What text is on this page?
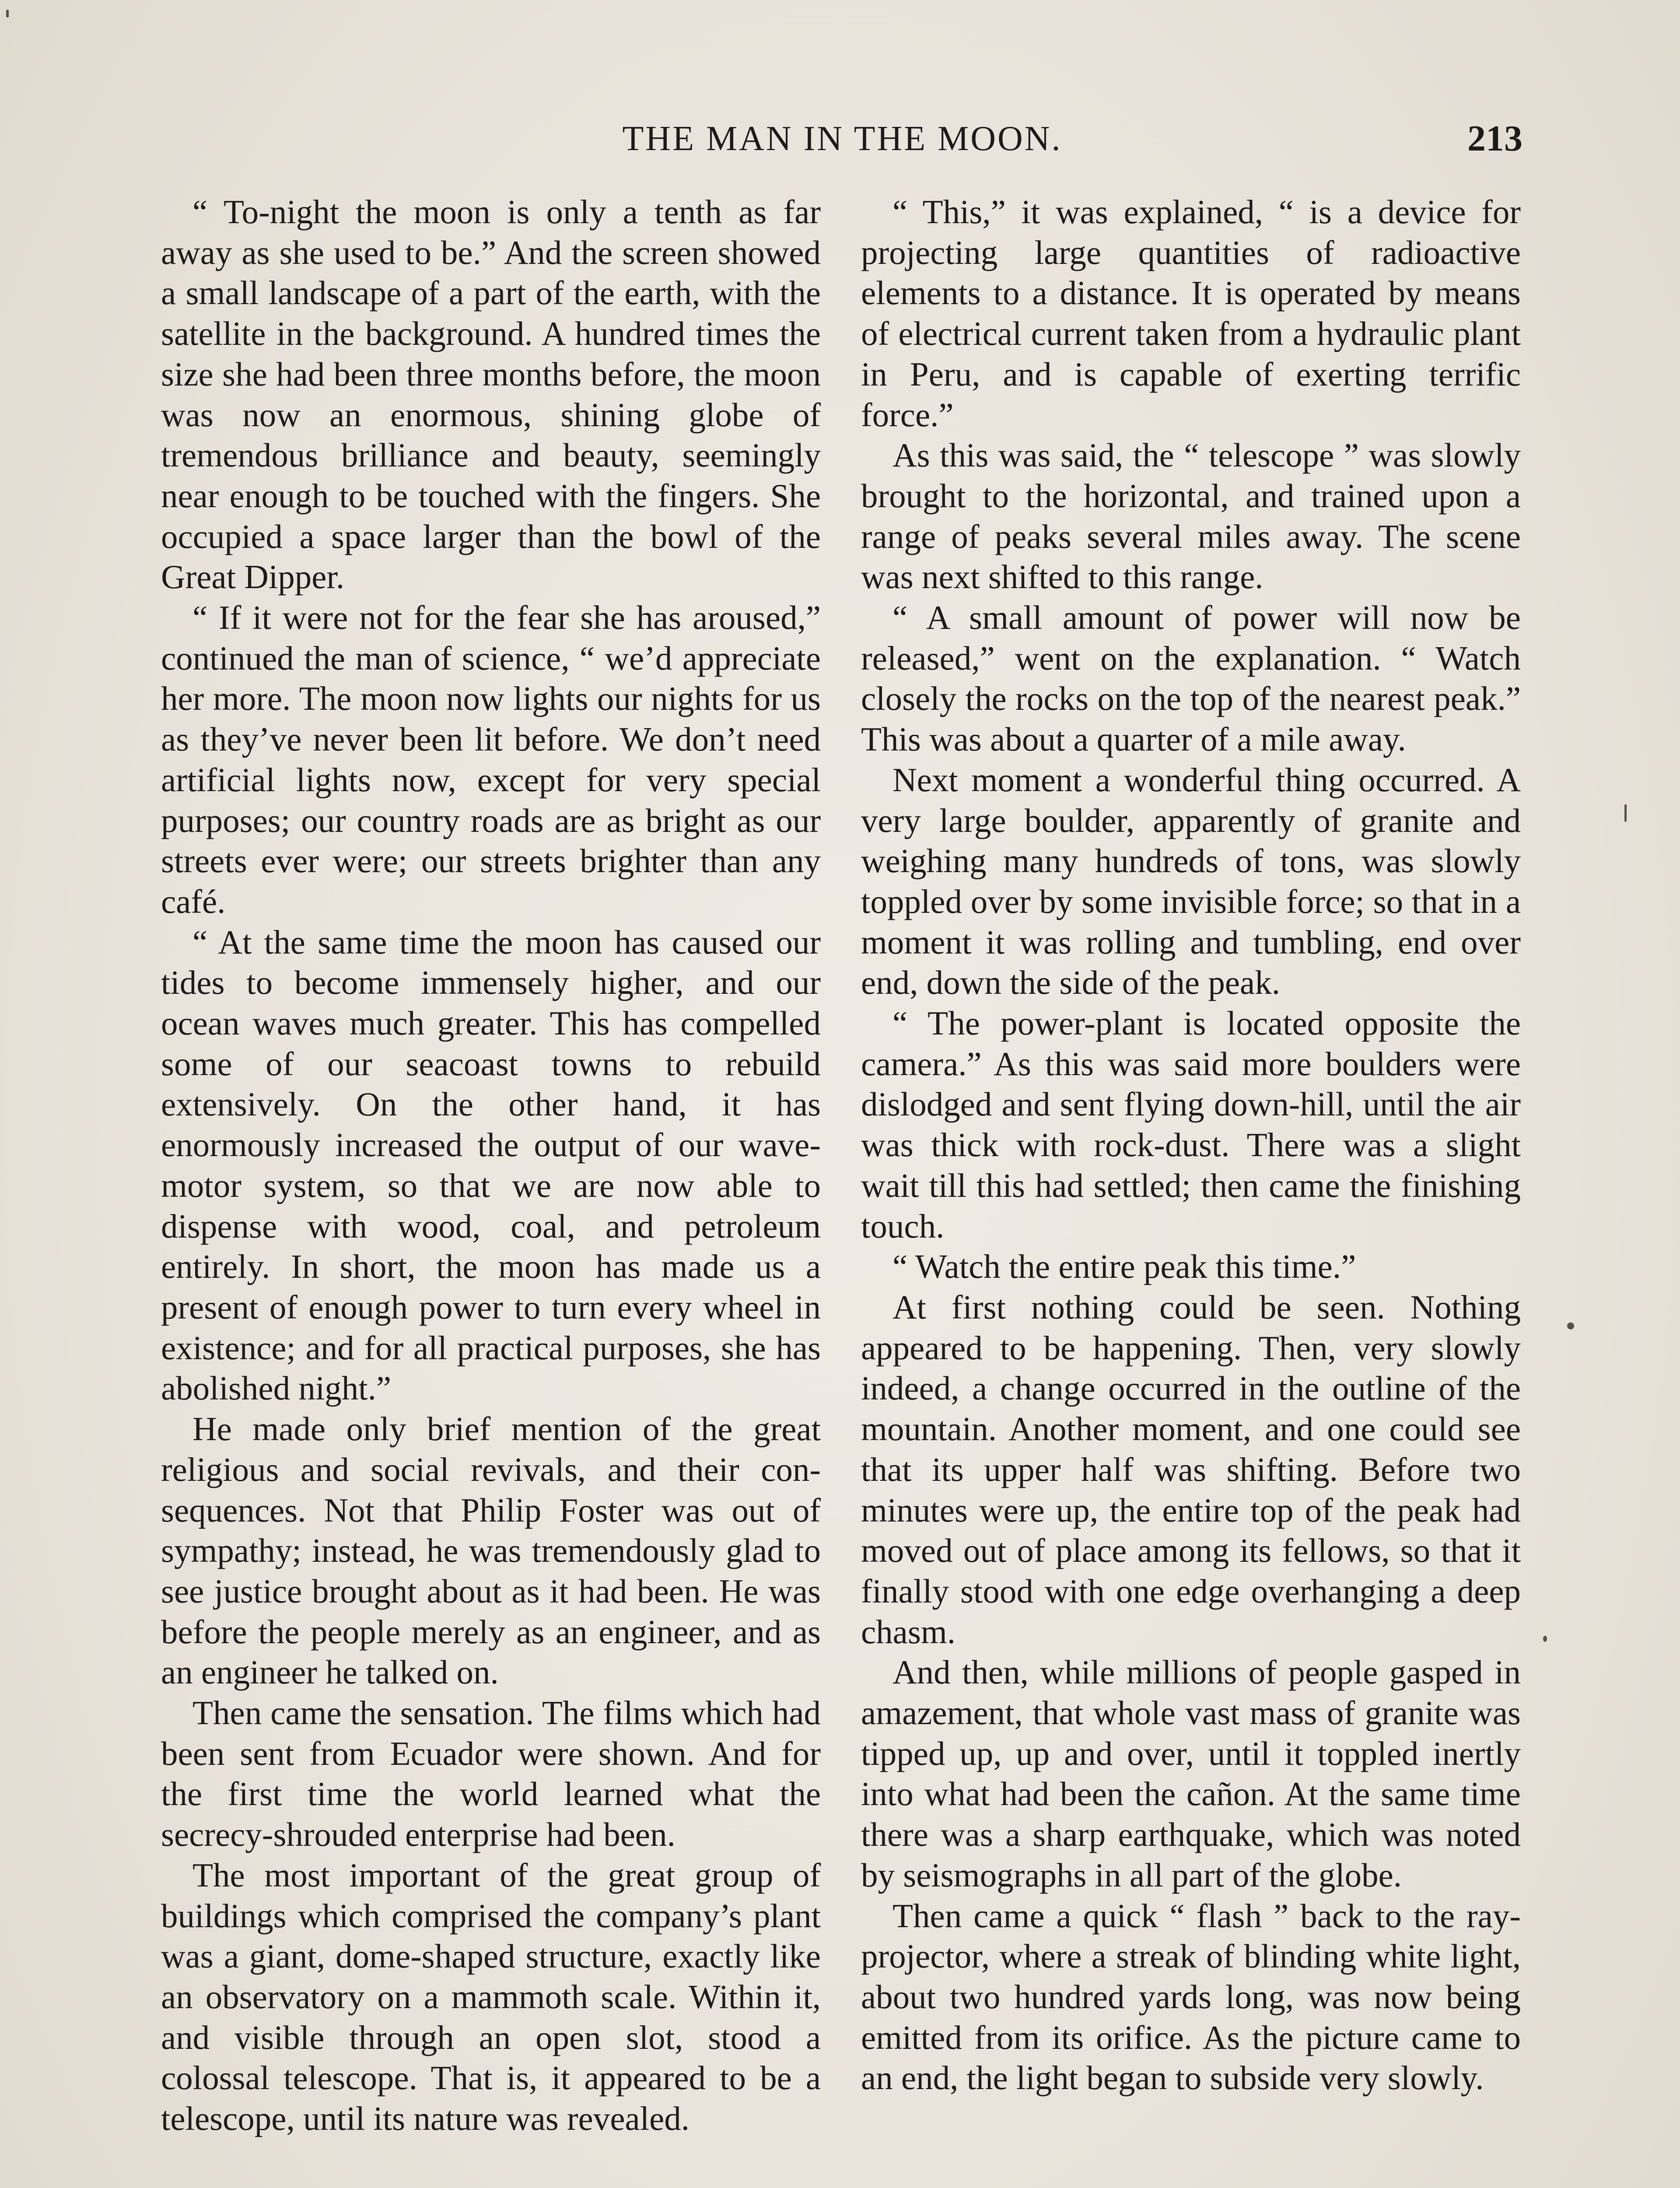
THE MAN IN THE MOON.	213

“ To-night the moon is only a tenth as far away as she used to be.” And the screen showed a small landscape of a part of the earth, with the satellite in the background. A hundred times the size she had been three months before, the moon was now an enormous, shining globe of tremendous brilliance and beauty, seemingly near enough to be touched with the fingers. She occupied a space larger than the bowl of the Great Dipper.

“ If it were not for the fear she has aroused,” continued the man of science, “ we’d appreciate her more. The moon now lights our nights for us as they’ve never been lit before. We don’t need artificial lights now, except for very special purposes; our country roads are as bright as our streets ever were; our streets brighter than any café.

“ At the same time the moon has caused our tides to become immensely higher, and our ocean waves much greater. This has compelled some of our seacoast towns to rebuild extensively. On the other hand, it has enormously increased the output of our wave-motor system, so that we are now able to dispense with wood, coal, and petroleum entirely. In short, the moon has made us a present of enough power to turn every wheel in existence; and for all practical purposes, she has abolished night.”

He made only brief mention of the great religious and social revivals, and their consequences. Not that Philip Foster was out of sympathy; instead, he was tremendously glad to see justice brought about as it had been. He was before the people merely as an engineer, and as an engineer he talked on.

Then came the sensation. The films which had been sent from Ecuador were shown. And for the first time the world learned what the secrecy-shrouded enterprise had been.

The most important of the great group of buildings which comprised the company’s plant was a giant, dome-shaped structure, exactly like an observatory on a mammoth scale. Within it, and visible through an open slot, stood a colossal telescope. That is, it appeared to be a telescope, until its nature was revealed.

“ This,” it was explained, “ is a device for projecting large quantities of radioactive elements to a distance. It is operated by means of electrical current taken from a hydraulic plant in Peru, and is capable of exerting terrific force.”

As this was said, the “ telescope ” was slowly brought to the horizontal, and trained upon a range of peaks several miles away. The scene was next shifted to this range.

“ A small amount of power will now be released,” went on the explanation. “ Watch closely the rocks on the top of the nearest peak.” This was about a quarter of a mile away.

Next moment a wonderful thing occurred. A very large boulder, apparently of granite and weighing many hundreds of tons, was slowly toppled over by some invisible force; so that in a moment it was rolling and tumbling, end over end, down the side of the peak.

“ The power-plant is located opposite the camera.” As this was said more boulders were dislodged and sent flying down-hill, until the air was thick with rock-dust. There was a slight wait till this had settled; then came the finishing touch.

“ Watch the entire peak this time.”

At first nothing could be seen. Nothing appeared to be happening. Then, very slowly indeed, a change occurred in the outline of the mountain. Another moment, and one could see that its upper half was shifting. Before two minutes were up, the entire top of the peak had moved out of place among its fellows, so that it finally stood with one edge overhanging a deep chasm.

And then, while millions of people gasped in amazement, that whole vast mass of granite was tipped up, up and over, until it toppled inertly into what had been the cañon. At the same time there was a sharp earthquake, which was noted by seismographs in all part of the globe.

Then came a quick “ flash ” back to the ray-projector, where a streak of blinding white light, about two hundred yards long, was now being emitted from its orifice. As the picture came to an end, the light began to subside very slowly.
